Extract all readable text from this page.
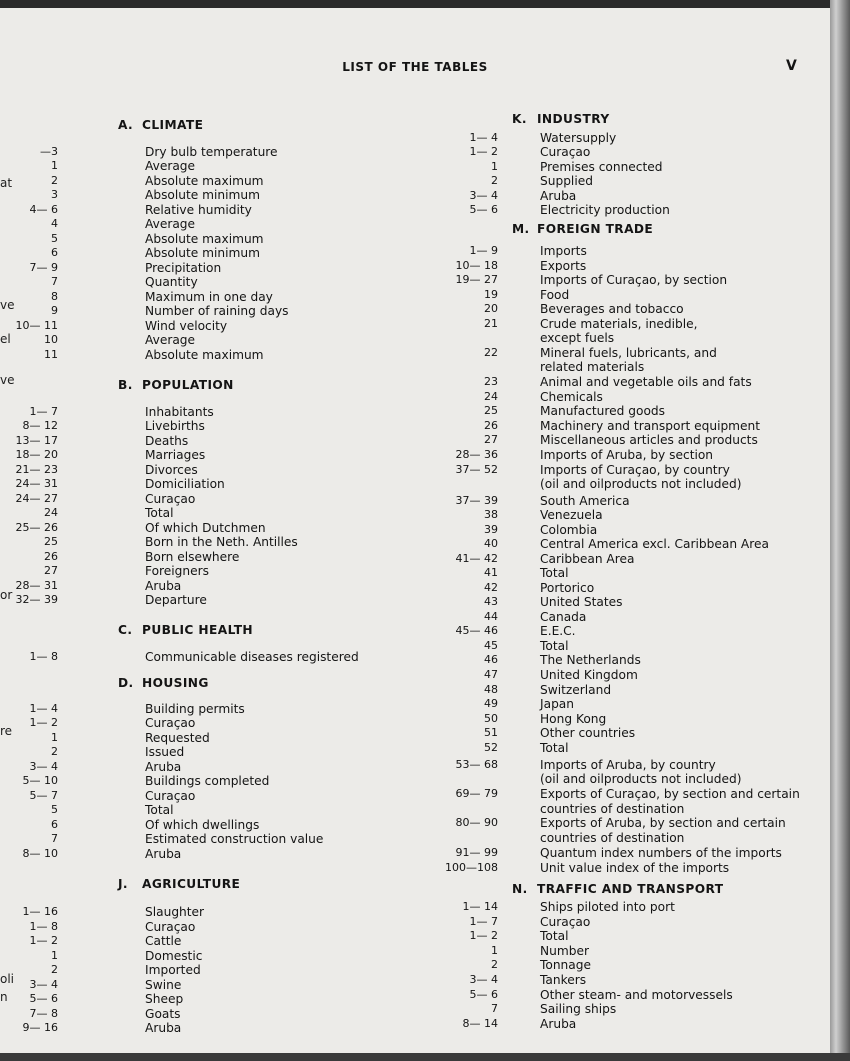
LIST OF THE TABLES	V
at
ve
el
ve
or
re
oli
n
A. CLIMATE
—3	Dry bulb temperature
1	Average
2	Absolute maximum
3	Absolute minimum
4— 6	Relative humidity
4	Average
5	Absolute maximum
6	Absolute minimum
7— 9	Precipitation
7	Quantity
8	Maximum in one day
9	Number of raining days
10— 11	Wind velocity
10	Average
11	Absolute maximum
B. POPULATION
1— 7	Inhabitants
8— 12	Livebirths
13— 17	Deaths
18— 20	Marriages
21— 23	Divorces
24— 31	Domiciliation
24— 27	Curaçao
24	Total
25— 26	Of which Dutchmen
25	Born in the Neth. Antilles
26	Born elsewhere
27	Foreigners
28— 31	Aruba
32— 39	Departure
C. PUBLIC HEALTH
1— 8	Communicable diseases registered
D. HOUSING
1— 4	Building permits
1— 2	Curaçao
1	Requested
2	Issued
3— 4	Aruba
5— 10	Buildings completed
5— 7	Curaçao
5	Total
6	Of which dwellings
7	Estimated construction value
8— 10	Aruba
J. AGRICULTURE
1— 16	Slaughter
1— 8	Curaçao
1— 2	Cattle
1	Domestic
2	Imported
3— 4	Swine
5— 6	Sheep
7— 8	Goats
9— 16	Aruba
K. INDUSTRY
1— 4	Watersupply
1— 2	Curaçao
1	Premises connected
2	Supplied
3— 4	Aruba
5— 6	Electricity production
M. FOREIGN TRADE
1— 9	Imports
10— 18	Exports
19— 27	Imports of Curaçao, by section
19	Food
20	Beverages and tobacco
21	Crude materials, inedible,
except fuels
22	Mineral fuels, lubricants, and
related materials
23	Animal and vegetable oils and fats
24	Chemicals
25	Manufactured goods
26	Machinery and transport equipment
27	Miscellaneous articles and products
28— 36	Imports of Aruba, by section
37— 52	Imports of Curaçao, by country
(oil and oilproducts not included)
37— 39	South America
38	Venezuela
39	Colombia
40	Central America excl. Caribbean Area
41— 42	Caribbean Area
41	Total
42	Portorico
43	United States
44	Canada
45— 46	E.E.C.
45	Total
46	The Netherlands
47	United Kingdom
48	Switzerland
49	Japan
50	Hong Kong
51	Other countries
52	Total
53— 68	Imports of Aruba, by country
(oil and oilproducts not included)
69— 79	Exports of Curaçao, by section and certain
countries of destination
80— 90	Exports of Aruba, by section and certain
countries of destination
91— 99	Quantum index numbers of the imports
100—108	Unit value index of the imports
N. TRAFFIC AND TRANSPORT
1— 14	Ships piloted into port
1— 7	Curaçao
1— 2	Total
1	Number
2	Tonnage
3— 4	Tankers
5— 6	Other steam- and motorvessels
7	Sailing ships
8— 14	Aruba
